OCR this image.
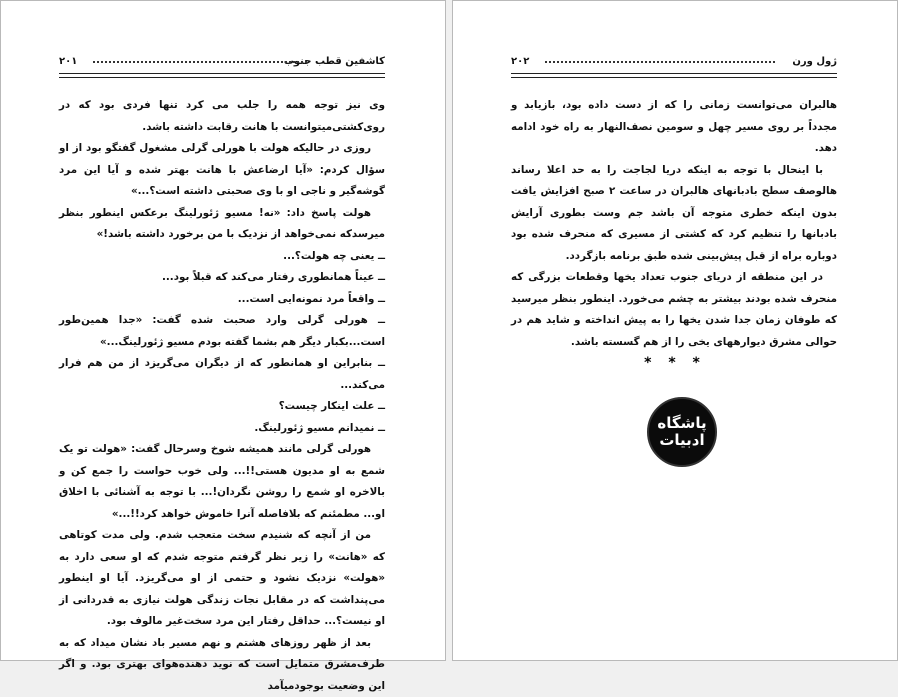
کاشفین قطب جنوب
۲۰۱

وی نیز توجه همه را جلب می کرد تنها فردی بود که در روی‌کشتی‌میتوانست با هانت رقابت داشته باشد.

روزی در حالیکه هولت با هورلی گرلی مشغول گفتگو بود از او سؤال کردم: «آیا ارضاعش با هانت بهتر شده و آیا این مرد گوشه‌گیر و ناجی او با وی صحبتی داشته است؟...»

هولت پاسخ داد: «نه! مسیو ژئورلینگ برعکس اینطور بنظر میرسد‌که نمی‌خواهد از نزدیک با من برخورد داشته باشد!»

ــ یعنی چه هولت؟...

ــ عیناً همانطوری رفتار می‌کند که قبلاً بود...

ــ واقعاً مرد نمونه‌ایی است...

ــ هورلی گرلی وارد صحبت شده گفت: «جدا همین‌طور است...بکبار دیگر هم بشما گفته بودم مسیو ژئورلینگ...»

ــ بنابراین او همانطور که از دیگران می‌گریزد از من هم فرار می‌کند...

ــ علت اینکار چیست؟

ــ نمیدانم مسیو ژئورلینگ.

هورلی گرلی مانند همیشه شوخ وسرحال گفت: «هولت تو یک شمع به او مدیون هستی!!... ولی خوب حواست را جمع کن و بالاخره او شمع را روشن نگردان!... با توجه به آشنائی با اخلاق او... مطمئنم که بلافاصله آنرا خاموش خواهد کرد!!...»

من از آنچه که شنیدم سخت متعجب شدم. ولی مدت کوتاهی که «هانت» را زیر نظر گرفتم متوجه شدم که او سعی دارد به «هولت» نزدیک نشود و حتمی از او می‌گریزد. آیا او اینطور می‌پنداشت که در مقابل نجات زندگی هولت نیازی به قدردانی از او نیست؟... حداقل رفتار این مرد سخت‌غیر مالوف بود.

بعد از ظهر روزهای هشتم و نهم مسیر باد نشان میداد که به طرف‌مشرق متمایل است که نوید دهنده‌هوای بهتری بود. و اگر این وضعیت بوجود‌میآمد

ژول ورن
۲۰۲

هالبران می‌توانست زمانی را که از دست داده بود، بازیابد و مجدداً بر روی مسیر چهل و سومین نصف‌النهار به راه خود ادامه دهد.

با اینحال با توجه به اینکه دریا لجاجت را به حد اعلا رساند هالوصف سطح بادبانهای هالبران در ساعت ۲ صبح افزایش یافت بدون اینکه خطری متوجه آن باشد جم وست بطوری آرایش بادبانها را تنظیم کرد که کشتی از مسیری که منحرف شده بود دوباره براه از قبل پیش‌بینی شده طبق برنامه بازگردد.

در این منطقه از دریای جنوب تعداد یخها وقطعات بزرگی که منحرف شده بودند بیشتر به چشم می‌خورد. اینطور بنظر میرسید که طوفان زمان جدا شدن یخها را به پیش انداخته و شاید هم در حوالی مشرق دیوارههای یخی را از هم گسسته باشد.

* * *
پاشگاه
ادبیات
